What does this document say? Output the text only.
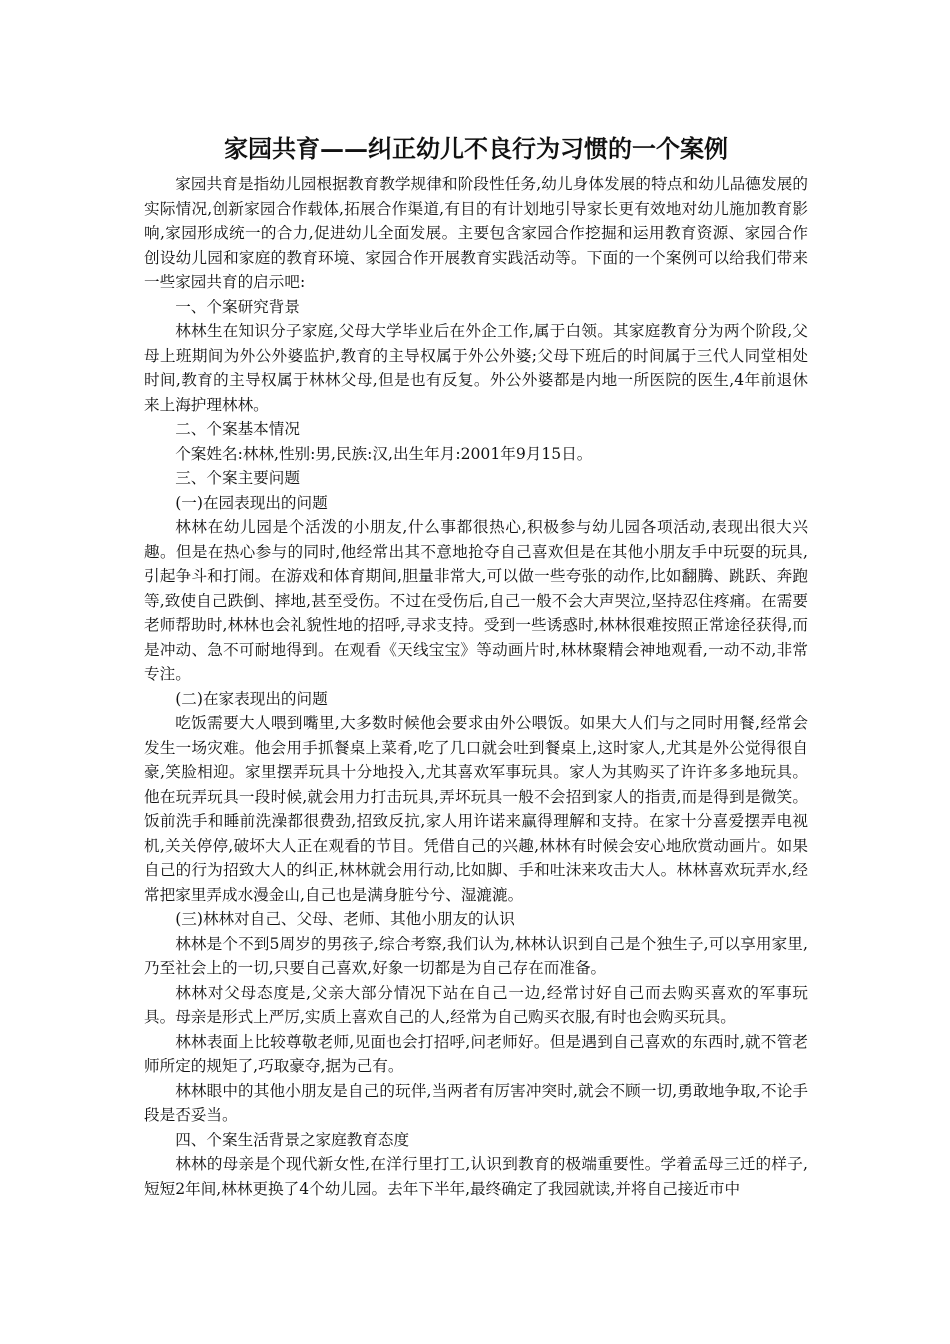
家园共育——纠正幼儿不良行为习惯的一个案例

家园共育是指幼儿园根据教育教学规律和阶段性任务,幼儿身体发展的特点和幼儿品德发展的实际情况,创新家园合作载体,拓展合作渠道,有目的有计划地引导家长更有效地对幼儿施加教育影响,家园形成统一的合力,促进幼儿全面发展。主要包含家园合作挖掘和运用教育资源、家园合作创设幼儿园和家庭的教育环境、家园合作开展教育实践活动等。下面的一个案例可以给我们带来一些家园共育的启示吧:

一、个案研究背景

林林生在知识分子家庭,父母大学毕业后在外企工作,属于白领。其家庭教育分为两个阶段,父母上班期间为外公外婆监护,教育的主导权属于外公外婆;父母下班后的时间属于三代人同堂相处时间,教育的主导权属于林林父母,但是也有反复。外公外婆都是内地一所医院的医生,4年前退休来上海护理林林。

二、个案基本情况

个案姓名:林林,性别:男,民族:汉,出生年月:2001年9月15日。

三、个案主要问题

(一)在园表现出的问题

林林在幼儿园是个活泼的小朋友,什么事都很热心,积极参与幼儿园各项活动,表现出很大兴趣。但是在热心参与的同时,他经常出其不意地抢夺自己喜欢但是在其他小朋友手中玩耍的玩具,引起争斗和打闹。在游戏和体育期间,胆量非常大,可以做一些夸张的动作,比如翻腾、跳跃、奔跑等,致使自己跌倒、摔地,甚至受伤。不过在受伤后,自己一般不会大声哭泣,坚持忍住疼痛。在需要老师帮助时,林林也会礼貌性地的招呼,寻求支持。受到一些诱惑时,林林很难按照正常途径获得,而是冲动、急不可耐地得到。在观看《天线宝宝》等动画片时,林林聚精会神地观看,一动不动,非常专注。

(二)在家表现出的问题

吃饭需要大人喂到嘴里,大多数时候他会要求由外公喂饭。如果大人们与之同时用餐,经常会发生一场灾难。他会用手抓餐桌上菜肴,吃了几口就会吐到餐桌上,这时家人,尤其是外公觉得很自豪,笑脸相迎。家里摆弄玩具十分地投入,尤其喜欢军事玩具。家人为其购买了许许多多地玩具。他在玩弄玩具一段时候,就会用力打击玩具,弄坏玩具一般不会招到家人的指责,而是得到是微笑。饭前洗手和睡前洗澡都很费劲,招致反抗,家人用许诺来赢得理解和支持。在家十分喜爱摆弄电视机,关关停停,破坏大人正在观看的节目。凭借自己的兴趣,林林有时候会安心地欣赏动画片。如果自己的行为招致大人的纠正,林林就会用行动,比如脚、手和吐沫来攻击大人。林林喜欢玩弄水,经常把家里弄成水漫金山,自己也是满身脏兮兮、湿漉漉。

(三)林林对自己、父母、老师、其他小朋友的认识

林林是个不到5周岁的男孩子,综合考察,我们认为,林林认识到自己是个独生子,可以享用家里,乃至社会上的一切,只要自己喜欢,好象一切都是为自己存在而准备。

林林对父母态度是,父亲大部分情况下站在自己一边,经常讨好自己而去购买喜欢的军事玩具。母亲是形式上严厉,实质上喜欢自己的人,经常为自己购买衣服,有时也会购买玩具。

林林表面上比较尊敬老师,见面也会打招呼,问老师好。但是遇到自己喜欢的东西时,就不管老师所定的规矩了,巧取豪夺,据为己有。

林林眼中的其他小朋友是自己的玩伴,当两者有厉害冲突时,就会不顾一切,勇敢地争取,不论手段是否妥当。

四、个案生活背景之家庭教育态度

林林的母亲是个现代新女性,在洋行里打工,认识到教育的极端重要性。学着孟母三迁的样子,短短2年间,林林更换了4个幼儿园。去年下半年,最终确定了我园就读,并将自己接近市中
